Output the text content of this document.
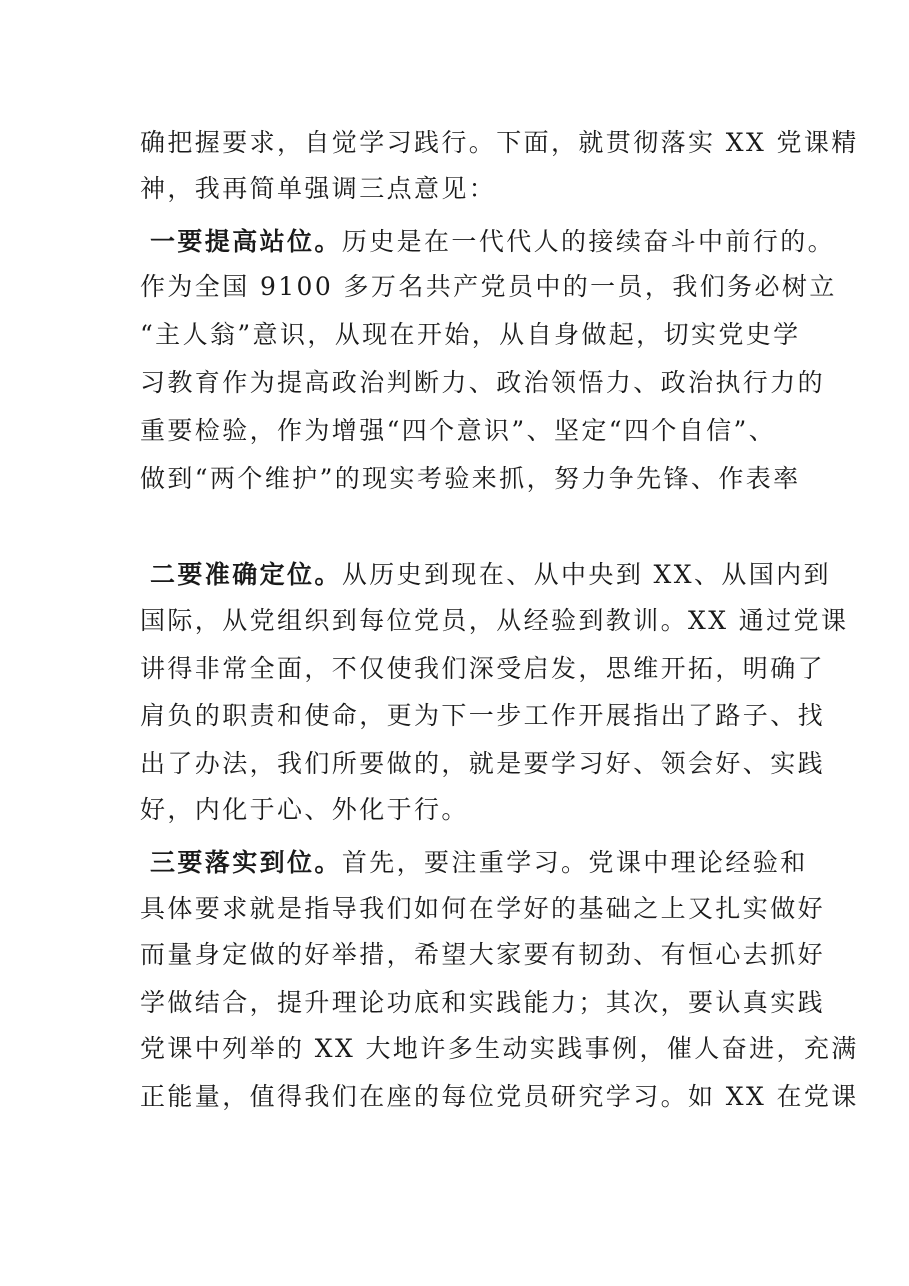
确把握要求，自觉学习践行。下面，就贯彻落实 XX 党课精
神，我再简单强调三点意见：
一要提高站位。历史是在一代代人的接续奋斗中前行的。
作为全国 9100 多万名共产党员中的一员，我们务必树立
“主人翁”意识，从现在开始，从自身做起，切实党史学
习教育作为提高政治判断力、政治领悟力、政治执行力的
重要检验，作为增强“四个意识”、坚定“四个自信”、
做到“两个维护”的现实考验来抓，努力争先锋、作表率
二要准确定位。从历史到现在、从中央到 XX、从国内到
国际，从党组织到每位党员，从经验到教训。XX 通过党课
讲得非常全面，不仅使我们深受启发，思维开拓，明确了
肩负的职责和使命，更为下一步工作开展指出了路子、找
出了办法，我们所要做的，就是要学习好、领会好、实践
好，内化于心、外化于行。
三要落实到位。首先，要注重学习。党课中理论经验和
具体要求就是指导我们如何在学好的基础之上又扎实做好
而量身定做的好举措，希望大家要有韧劲、有恒心去抓好
学做结合，提升理论功底和实践能力；其次，要认真实践
党课中列举的 XX 大地许多生动实践事例，催人奋进，充满
正能量，值得我们在座的每位党员研究学习。如 XX 在党课
